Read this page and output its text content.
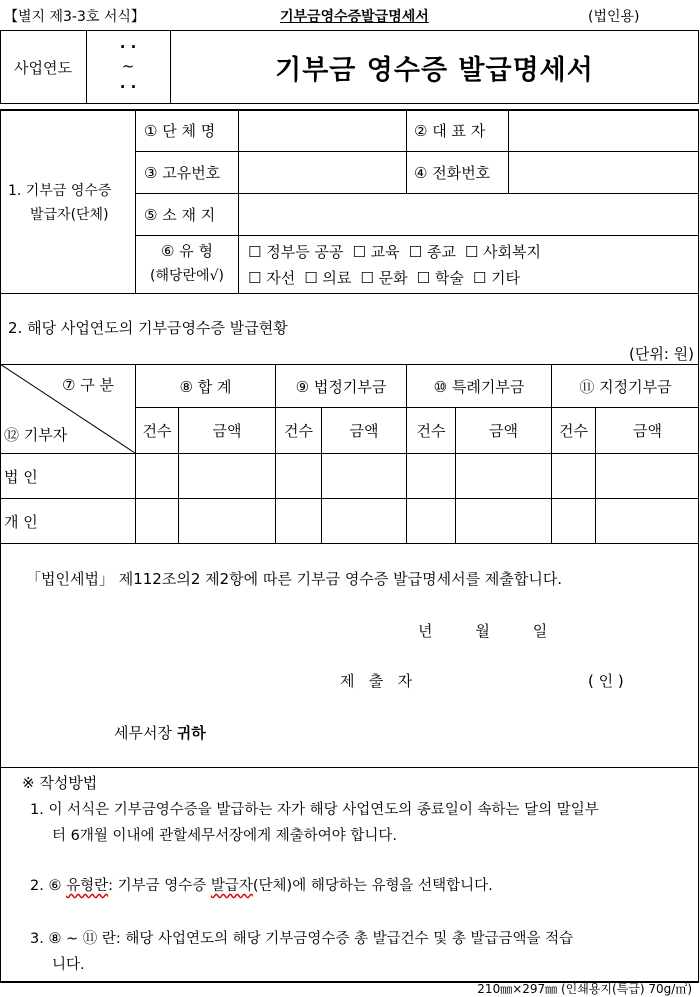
【별지 제3-3호 서식】	기부금영수증발급명세서	(법인용)
사업연도
· ·
~
· ·
기부금 영수증 발급명세서
1. 기부금 영수증
발급자(단체)
① 단 체 명	② 대 표 자
③ 고유번호	④ 전화번호
⑤ 소 재 지
⑥ 유 형
(해당란에√)
☐ 정부등 공공 ☐ 교육 ☐ 종교 ☐ 사회복지
☐ 자선 ☐ 의료 ☐ 문화 ☐ 학술 ☐ 기타
2. 해당 사업연도의 기부금영수증 발급현황
(단위: 원)
⑦ 구 분
⑫ 기부자
⑧ 합 계	⑨ 법정기부금	⑩ 특례기부금	⑪ 지정기부금
건수	금액	건수	금액	건수	금액	건수	금액
법 인
개 인
「법인세법」 제112조의2 제2항에 따른 기부금 영수증 발급명세서를 제출합니다.
년         월         일
제   출   자	( 인 )
세무서장 귀하
※ 작성방법
1. 이 서식은 기부금영수증을 발급하는 자가 해당 사업연도의 종료일이 속하는 달의 말일부
터 6개월 이내에 관할세무서장에게 제출하여야 합니다.
2. ⑥ 유형란: 기부금 영수증 발급자(단체)에 해당하는 유형을 선택합니다.
3. ⑧ ~ ⑪ 란: 해당 사업연도의 해당 기부금영수증 총 발급건수 및 총 발급금액을 적습
니다.
210㎜×297㎜ (인쇄용지(특급) 70g/㎡)
